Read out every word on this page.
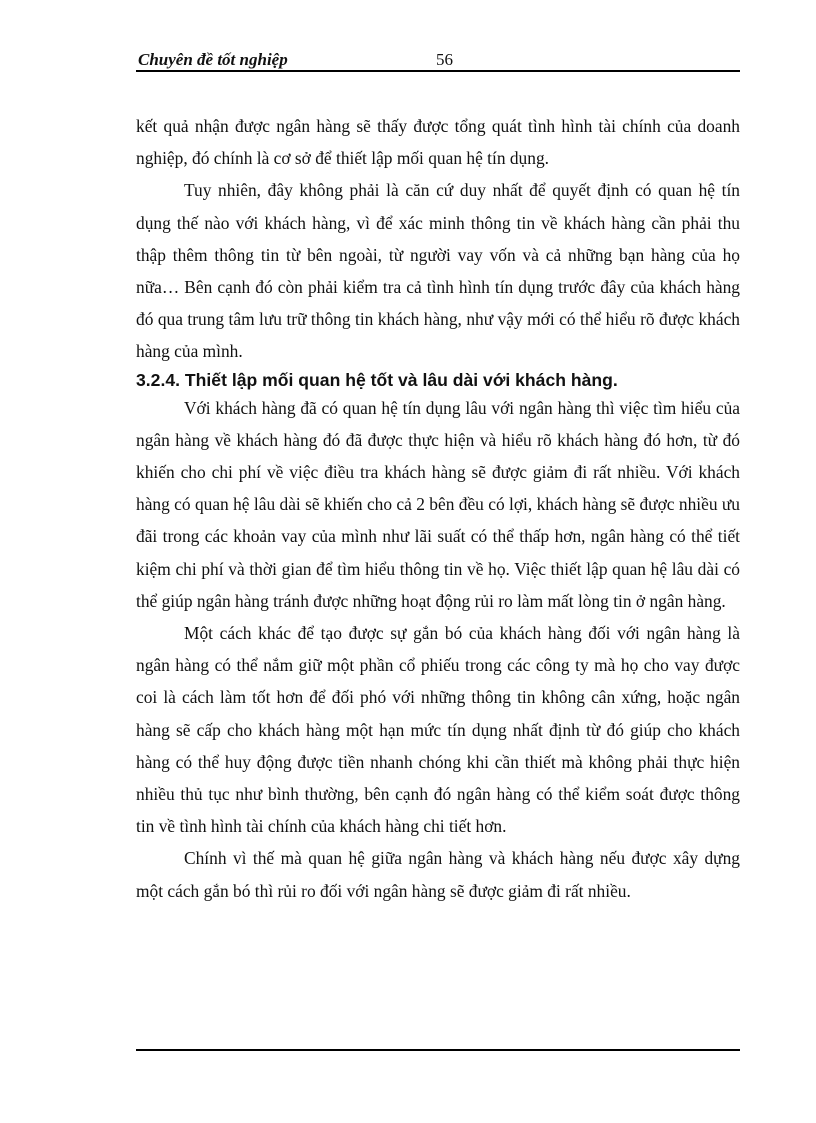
Chuyên đề tốt nghiệp	56

kết quả nhận được ngân hàng sẽ thấy được tổng quát tình hình tài chính của doanh nghiệp, đó chính là cơ sở để thiết lập mối quan hệ tín dụng.

Tuy nhiên, đây không phải là căn cứ duy nhất để quyết định có quan hệ tín dụng thế nào với khách hàng, vì để xác minh thông tin về khách hàng cần phải thu thập thêm thông tin từ bên ngoài, từ người vay vốn và cả những bạn hàng của họ nữa… Bên cạnh đó còn phải kiểm tra cả tình hình tín dụng trước đây của khách hàng đó qua trung tâm lưu trữ thông tin khách hàng, như vậy mới có thể hiểu rõ được khách hàng của mình.

3.2.4. Thiết lập mối quan hệ tốt và lâu dài với khách hàng.

Với khách hàng đã có quan hệ tín dụng lâu với ngân hàng thì việc tìm hiểu của ngân hàng về khách hàng đó đã được thực hiện và hiểu rõ khách hàng đó hơn, từ đó khiến cho chi phí về việc điều tra khách hàng sẽ được giảm đi rất nhiều. Với khách hàng có quan hệ lâu dài sẽ khiến cho cả 2 bên đều có lợi, khách hàng sẽ được nhiều ưu đãi trong các khoản vay của mình như lãi suất có thể thấp hơn, ngân hàng có thể tiết kiệm chi phí và thời gian để tìm hiểu thông tin về họ. Việc thiết lập quan hệ lâu dài có thể giúp ngân hàng tránh được những hoạt động rủi ro làm mất lòng tin ở ngân hàng.

Một cách khác để tạo được sự gắn bó của khách hàng đối với ngân hàng là ngân hàng có thể nắm giữ một phần cổ phiếu trong các công ty mà họ cho vay được coi là cách làm tốt hơn để đối phó với những thông tin không cân xứng, hoặc ngân hàng sẽ cấp cho khách hàng một hạn mức tín dụng nhất định từ đó giúp cho khách hàng có thể huy động được tiền nhanh chóng khi cần thiết mà không phải thực hiện nhiều thủ tục như bình thường, bên cạnh đó ngân hàng có thể kiểm soát được thông tin về tình hình tài chính của khách hàng chi tiết hơn.

Chính vì thế mà quan hệ giữa ngân hàng và khách hàng nếu được xây dựng một cách gắn bó thì rủi ro đối với ngân hàng sẽ được giảm đi rất nhiều.
